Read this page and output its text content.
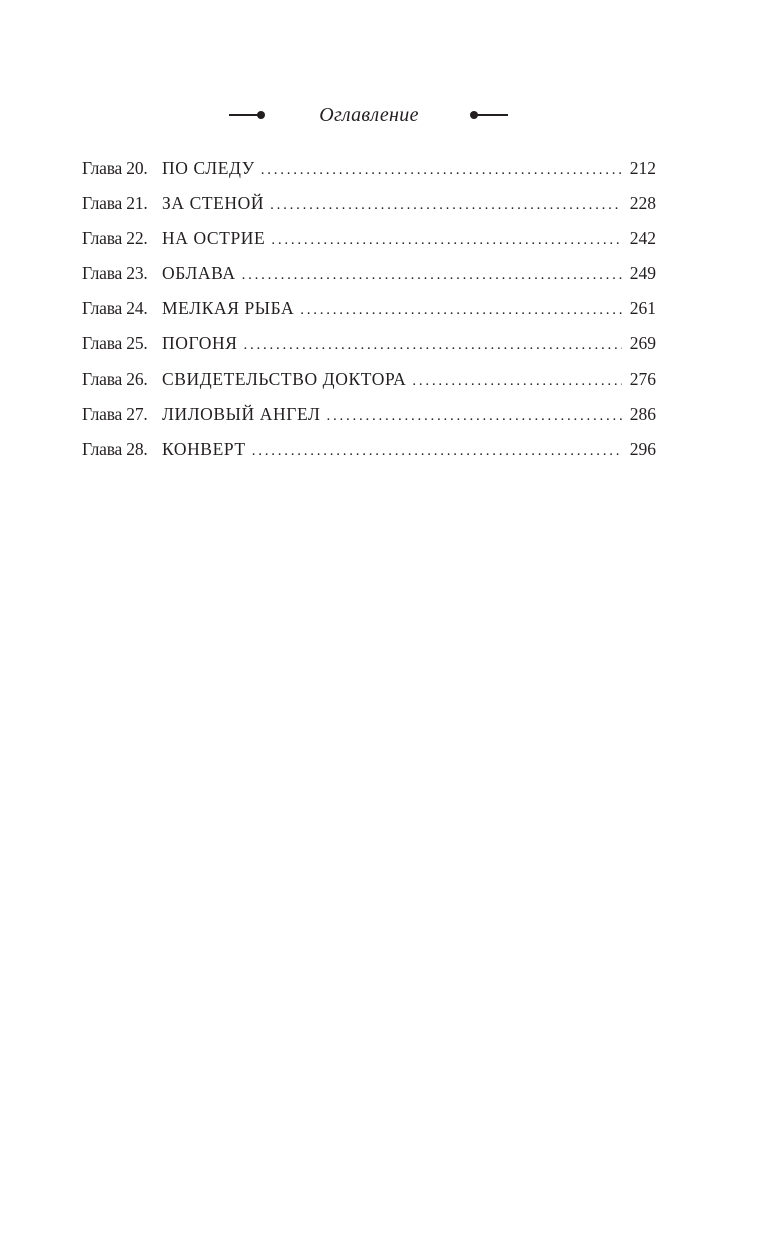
Оглавление
Глава 20. ПО СЛЕДУ . . .	212
Глава 21. ЗА СТЕНОЙ . . .	228
Глава 22. НА ОСТРИЕ . . .	242
Глава 23. ОБЛАВА . . .	249
Глава 24. МЕЛКАЯ РЫБА . . .	261
Глава 25. ПОГОНЯ . . .	269
Глава 26. СВИДЕТЕЛЬСТВО ДОКТОРА . . .	276
Глава 27. ЛИЛОВЫЙ АНГЕЛ . . .	286
Глава 28. КОНВЕРТ . . .	296
